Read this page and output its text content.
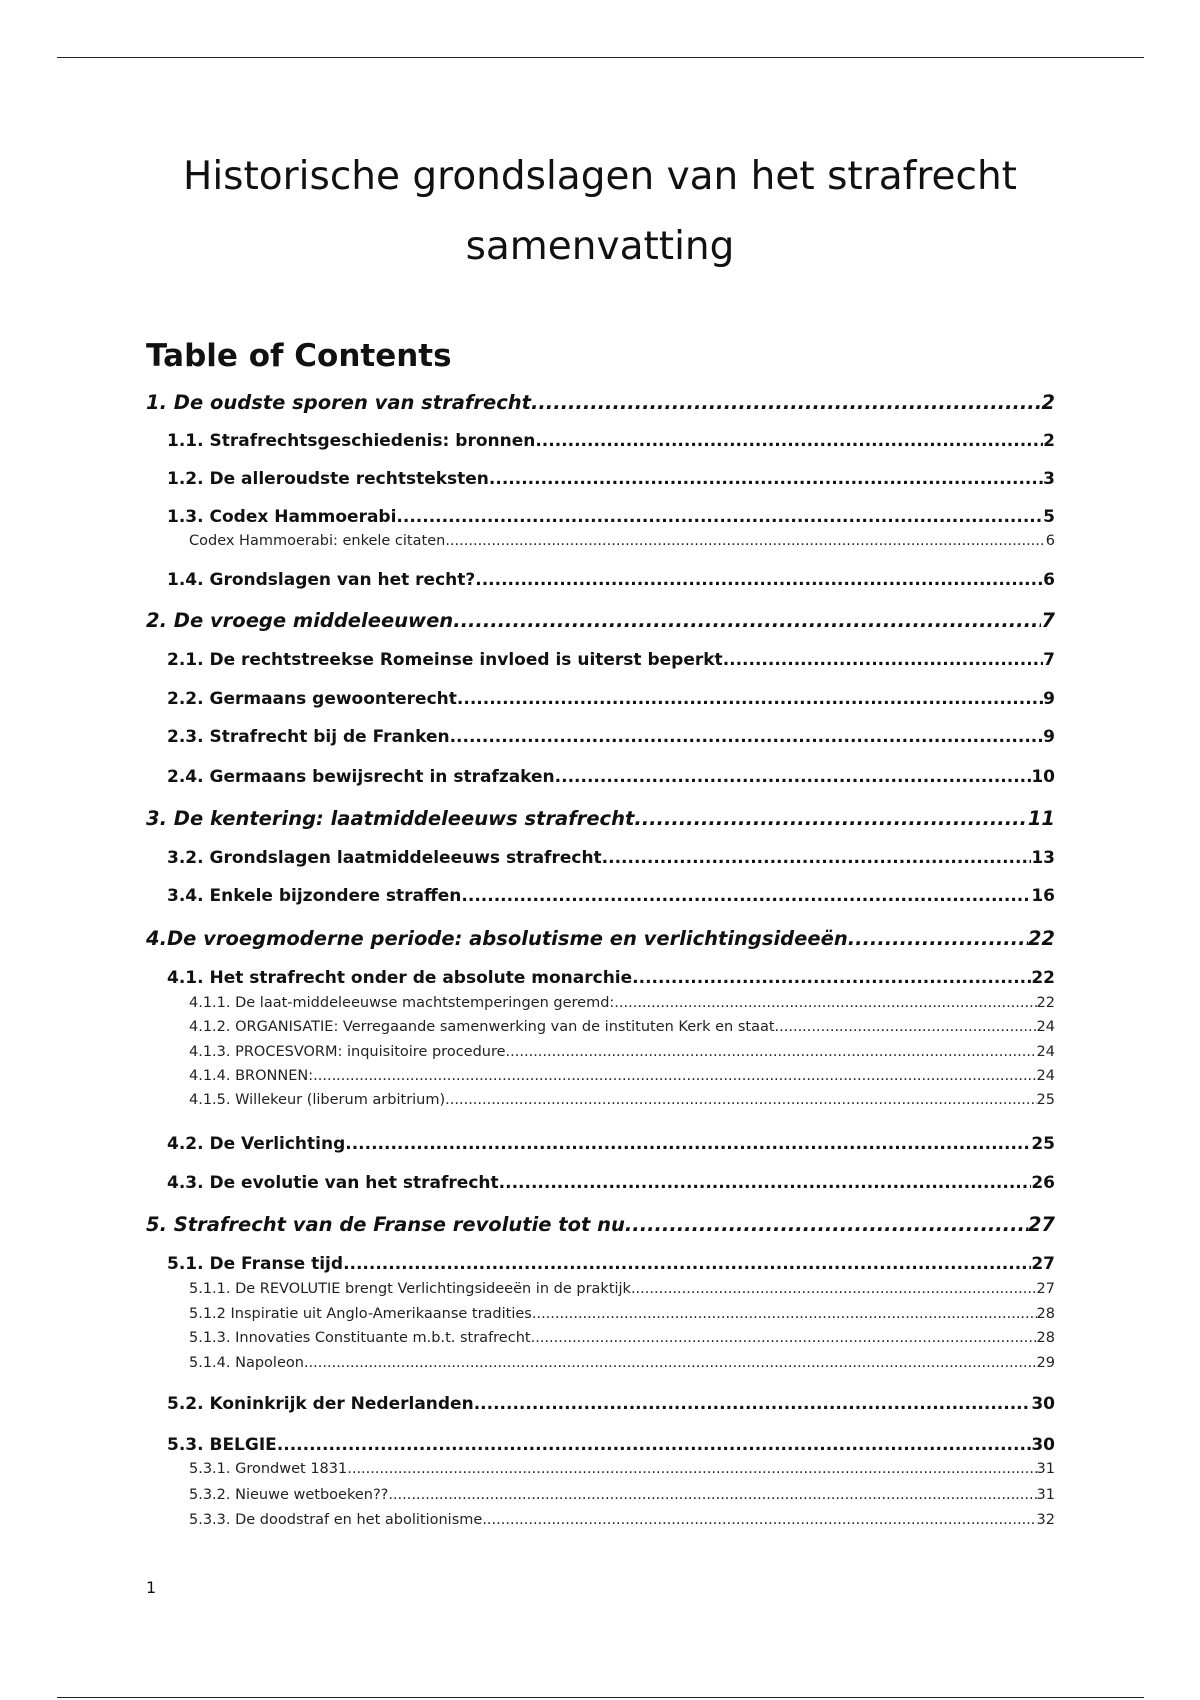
Historische grondslagen van het strafrecht
samenvatting
Table of Contents
1. De oudste sporen van strafrecht .....	2
1.1. Strafrechtsgeschiedenis: bronnen .....	2
1.2. De alleroudste rechtsteksten .....	3
1.3. Codex Hammoerabi .....	5
Codex Hammoerabi: enkele citaten .....	6
1.4. Grondslagen van het recht? .....	6
2. De vroege middeleeuwen .....	7
2.1. De rechtstreekse Romeinse invloed is uiterst beperkt .....	7
2.2. Germaans gewoonterecht .....	9
2.3. Strafrecht bij de Franken .....	9
2.4. Germaans bewijsrecht in strafzaken .....	10
3. De kentering: laatmiddeleeuws strafrecht .....	11
3.2. Grondslagen laatmiddeleeuws strafrecht .....	13
3.4. Enkele bijzondere straffen .....	16
4.De vroegmoderne periode: absolutisme en verlichtingsideeën .....	22
4.1. Het strafrecht onder de absolute monarchie .....	22
4.1.1. De laat-middeleeuwse machtstemperingen geremd: .....	22
4.1.2. ORGANISATIE: Verregaande samenwerking van de instituten Kerk en staat .....	24
4.1.3. PROCESVORM: inquisitoire procedure .....	24
4.1.4. BRONNEN: .....	24
4.1.5. Willekeur (liberum arbitrium) .....	25
4.2. De Verlichting .....	25
4.3. De evolutie van het strafrecht .....	26
5. Strafrecht van de Franse revolutie tot nu .....	27
5.1. De Franse tijd .....	27
5.1.1. De REVOLUTIE brengt Verlichtingsideeën in de praktijk .....	27
5.1.2 Inspiratie uit Anglo-Amerikaanse tradities .....	28
5.1.3. Innovaties Constituante m.b.t. strafrecht .....	28
5.1.4. Napoleon .....	29
5.2. Koninkrijk der Nederlanden .....	30
5.3. BELGIE .....	30
5.3.1. Grondwet 1831 .....	31
5.3.2. Nieuwe wetboeken?? .....	31
5.3.3. De doodstraf en het abolitionisme .....	32
1
